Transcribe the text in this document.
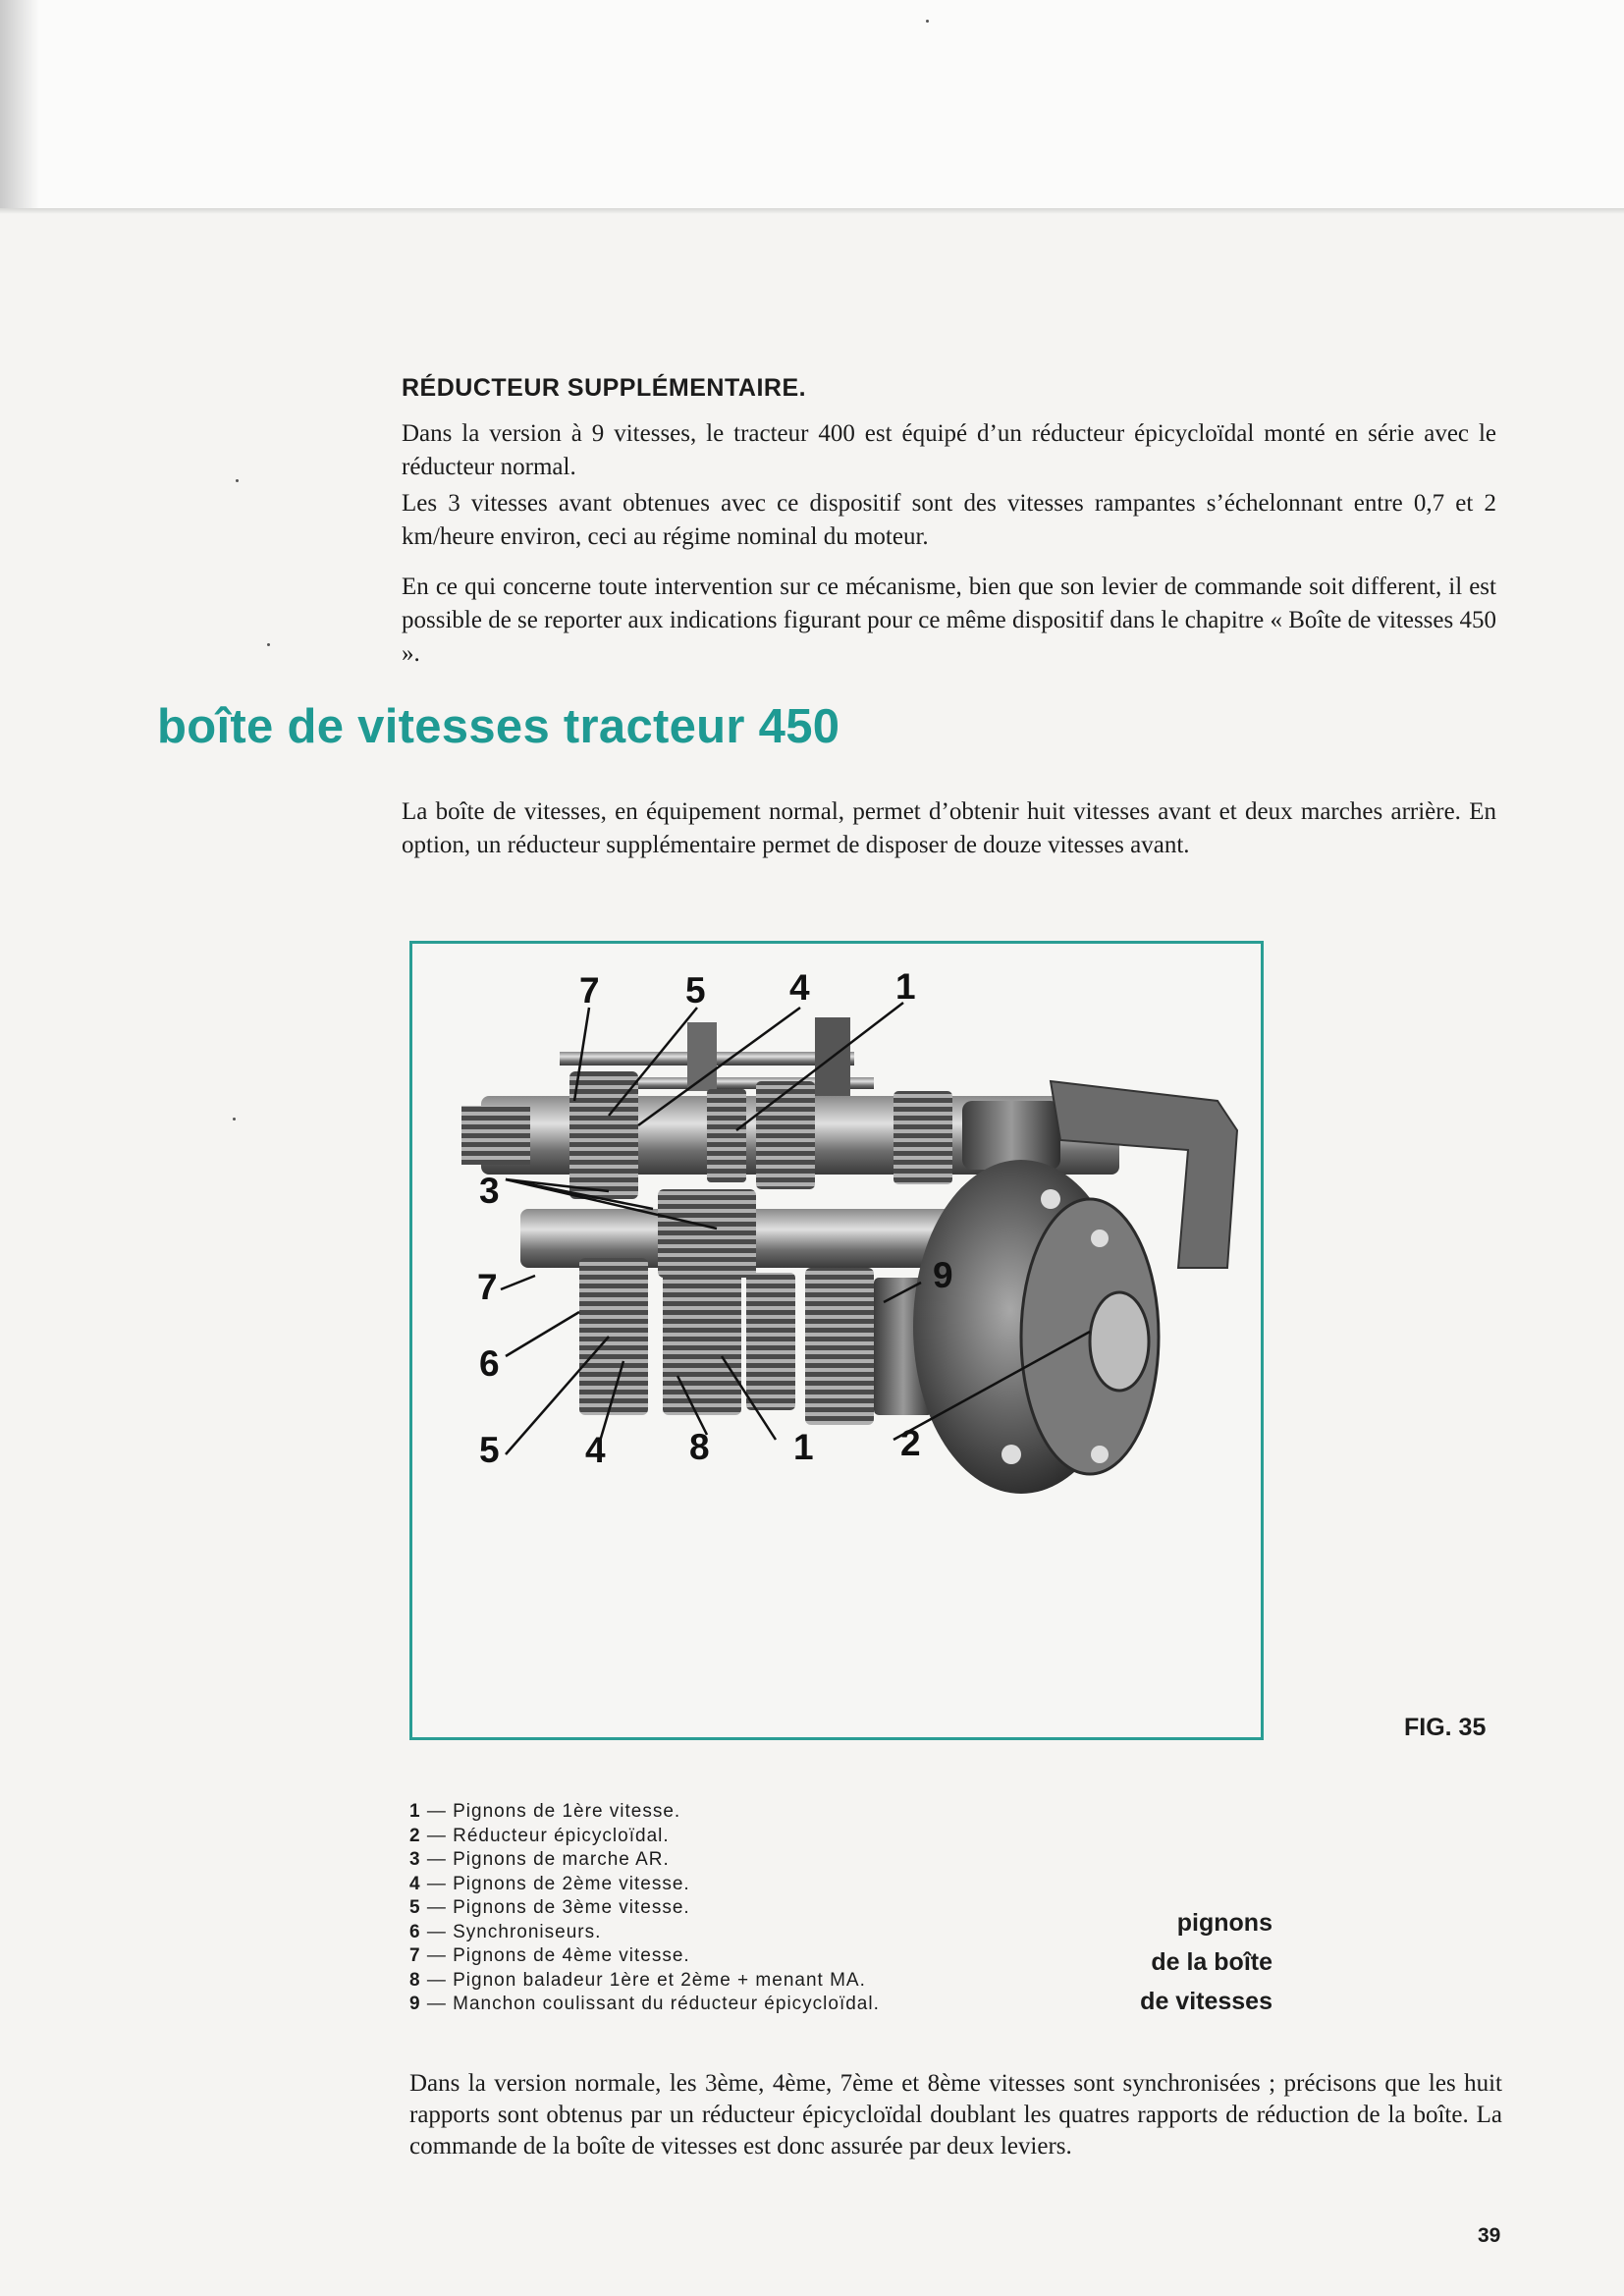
RÉDUCTEUR SUPPLÉMENTAIRE.

Dans la version à 9 vitesses, le tracteur 400 est équipé d’un réducteur épicycloïdal monté en série avec le réducteur normal.

Les 3 vitesses avant obtenues avec ce dispositif sont des vitesses rampantes s’échelonnant entre 0,7 et 2 km/heure environ, ceci au régime nominal du moteur.

En ce qui concerne toute intervention sur ce mécanisme, bien que son levier de commande soit different, il est possible de se reporter aux indications figurant pour ce même dispositif dans le chapitre « Boîte de vitesses 450 ».

boîte de vitesses tracteur 450

La boîte de vitesses, en équipement normal, permet d’obtenir huit vitesses avant et deux marches arrière. En option, un réducteur supplémentaire permet de disposer de douze vitesses avant.

7 5 4 1
3
7	9
6
5 4 8 1 2
FIG. 35
1 — Pignons de 1ère vitesse.
2 — Réducteur épicycloïdal.
3 — Pignons de marche AR.
4 — Pignons de 2ème vitesse.
5 — Pignons de 3ème vitesse.
6 — Synchroniseurs.
7 — Pignons de 4ème vitesse.
8 — Pignon baladeur 1ère et 2ème + menant MA.
9 — Manchon coulissant du réducteur épicycloïdal.
pignons
de la boîte
de vitesses

Dans la version normale, les 3ème, 4ème, 7ème et 8ème vitesses sont synchronisées ; précisons que les huit rapports sont obtenus par un réducteur épicycloïdal doublant les quatres rapports de réduction de la boîte. La commande de la boîte de vitesses est donc assurée par deux leviers.

39
